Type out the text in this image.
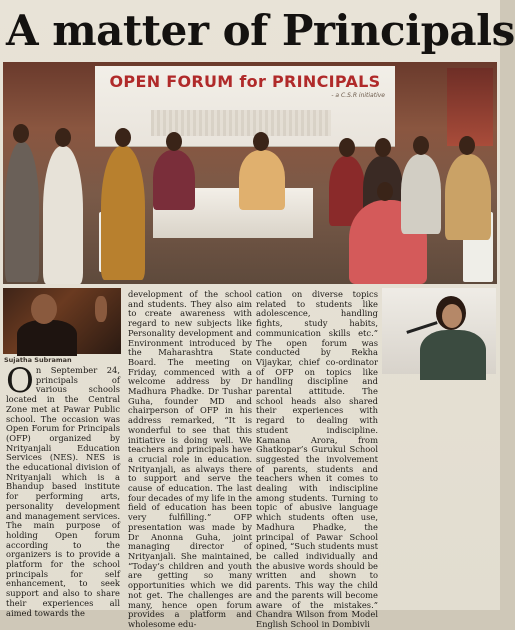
A matter of Principals
OPEN FORUM for PRINCIPALS
- a C.S.R initiative
Sujatha Subraman

On September 24, principals of various schools located in the Central Zone met at Pawar Public school. The occasion was Open Forum for Principals (OFP) organized by Nrityanjali Education Services (NES). NES is the educational division of Nrityanjali which is a Bhandup based institute for performing arts, personality development and management services. The main purpose of holding Open forum according to the organizers is to provide a platform for the school principals for self enhancement, to seek support and also to share their experiences all aimed towards the

development of the school and students. They also aim to create awareness with regard to new subjects like Personality development and Environment introduced by the Maharashtra State Board. The meeting on Friday, commenced with a welcome address by Dr Madhura Phadke. Dr Tushar Guha, founder MD and chairperson of OFP in his address remarked, “It is wonderful to see that this initiative is doing well. We teachers and principals have a crucial role in education. Nrityanjali, as always there to support and serve the cause of education. The last four decades of my life in the field of education has been very fulfilling.” OFP presentation was made by Dr Anonna Guha, joint managing director of Nrityanjali. She maintained, “Today’s children and youth are getting so many opportunities which we did not get. The challenges are many, hence open forum provides a platform and wholesome edu-

cation on diverse topics related to students like adolescence, handling fights, study habits, communication skills etc.” The open forum was conducted by Rekha Vijaykar, chief co-ordinator of OFP on topics like handling discipline and parental attitude. The school heads also shared their experiences with regard to dealing with student indiscipline. Kamana Arora, from Ghatkopar’s Gurukul School suggested the involvement of parents, students and teachers when it comes to dealing with indiscipline among students. Turning to topic of abusive language which students often use, Madhura Phadke, the principal of Pawar School opined, “Such students must be called individually and the abusive words should be written and shown to parents. This way the child and the parents will become aware of the mistakes.” Chandra Wilson from Model English School in Dombivli
